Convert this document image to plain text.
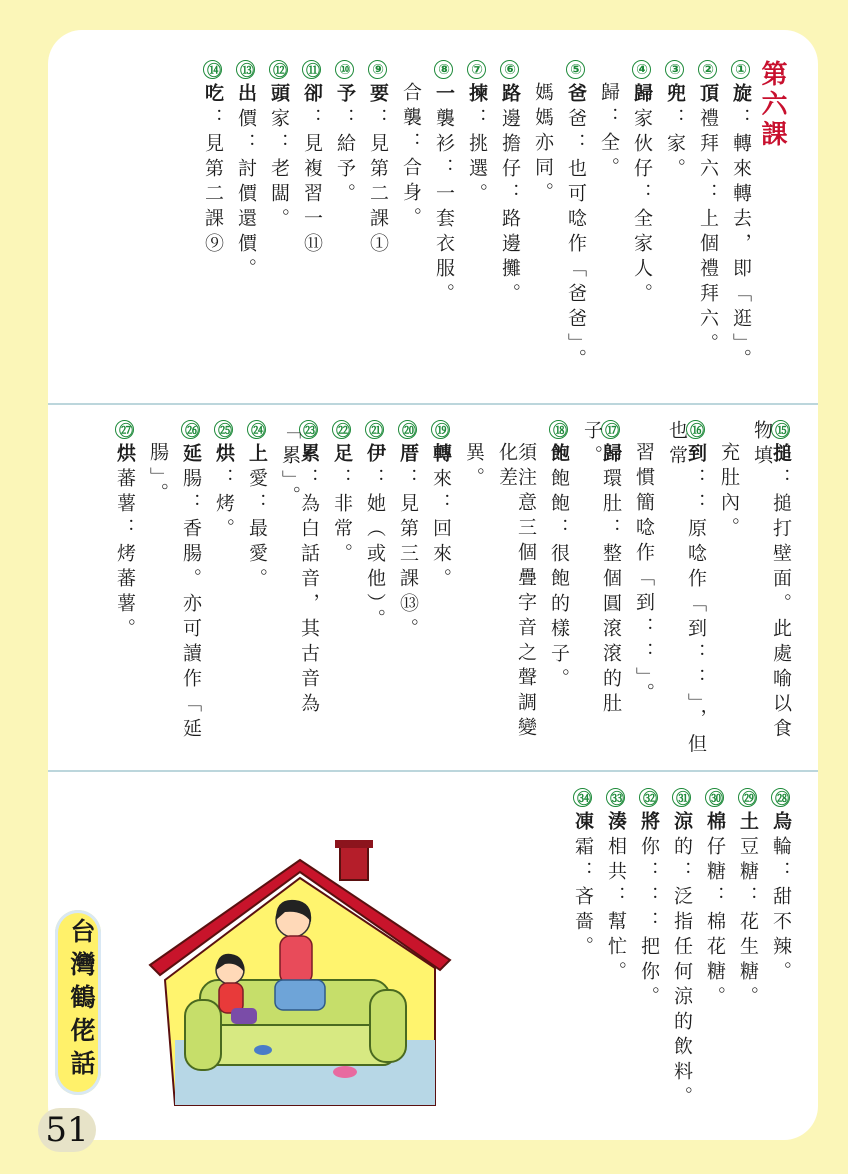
第六課
①旋：轉來轉去，即「逛」。
②頂禮拜六：上個禮拜六。
③兜：家。
④歸家伙仔：全家人。
歸：全。
⑤爸爸：也可唸作「爸爸」。
媽媽亦同。
⑥路邊擔仔：路邊攤。
⑦揀：挑選。
⑧一襲衫：一套衣服。
合襲：合身。
⑨要：見第二課①
⑩予：給予。
⑪卻：見複習一⑪
⑫頭家：老闆。
⑬出價：討價還價。
⑭吃：見第二課⑨
⑮搥：搥打壁面。此處喻以食物填
充肚內。
⑯到：：原唸作「到：：」，但也常
習慣簡唸作「到：：」。
⑰歸環肚：整個圓滾滾的肚子。
⑱飽飽飽：很飽的樣子。
須注意三個疊字音之聲調變化差
異。
⑲轉來：回來。
⑳厝：見第三課⑬。
㉑伊：她（或他）。
㉒足：非常。
㉓累：為白話音，其古音為「累」。
㉔上愛：最愛。
㉕烘：烤。
㉖延腸：香腸。亦可讀作「延
腸」。
㉗烘蕃薯：烤蕃薯。
㉘烏輪：甜不辣。
㉙土豆糖：花生糖。
㉚棉仔糖：棉花糖。
㉛涼的：泛指任何涼的飲料。
㉜將你：：：把你。
㉝湊相共：幫忙。
㉞凍霜：吝嗇。
台灣鶴佬話
51
